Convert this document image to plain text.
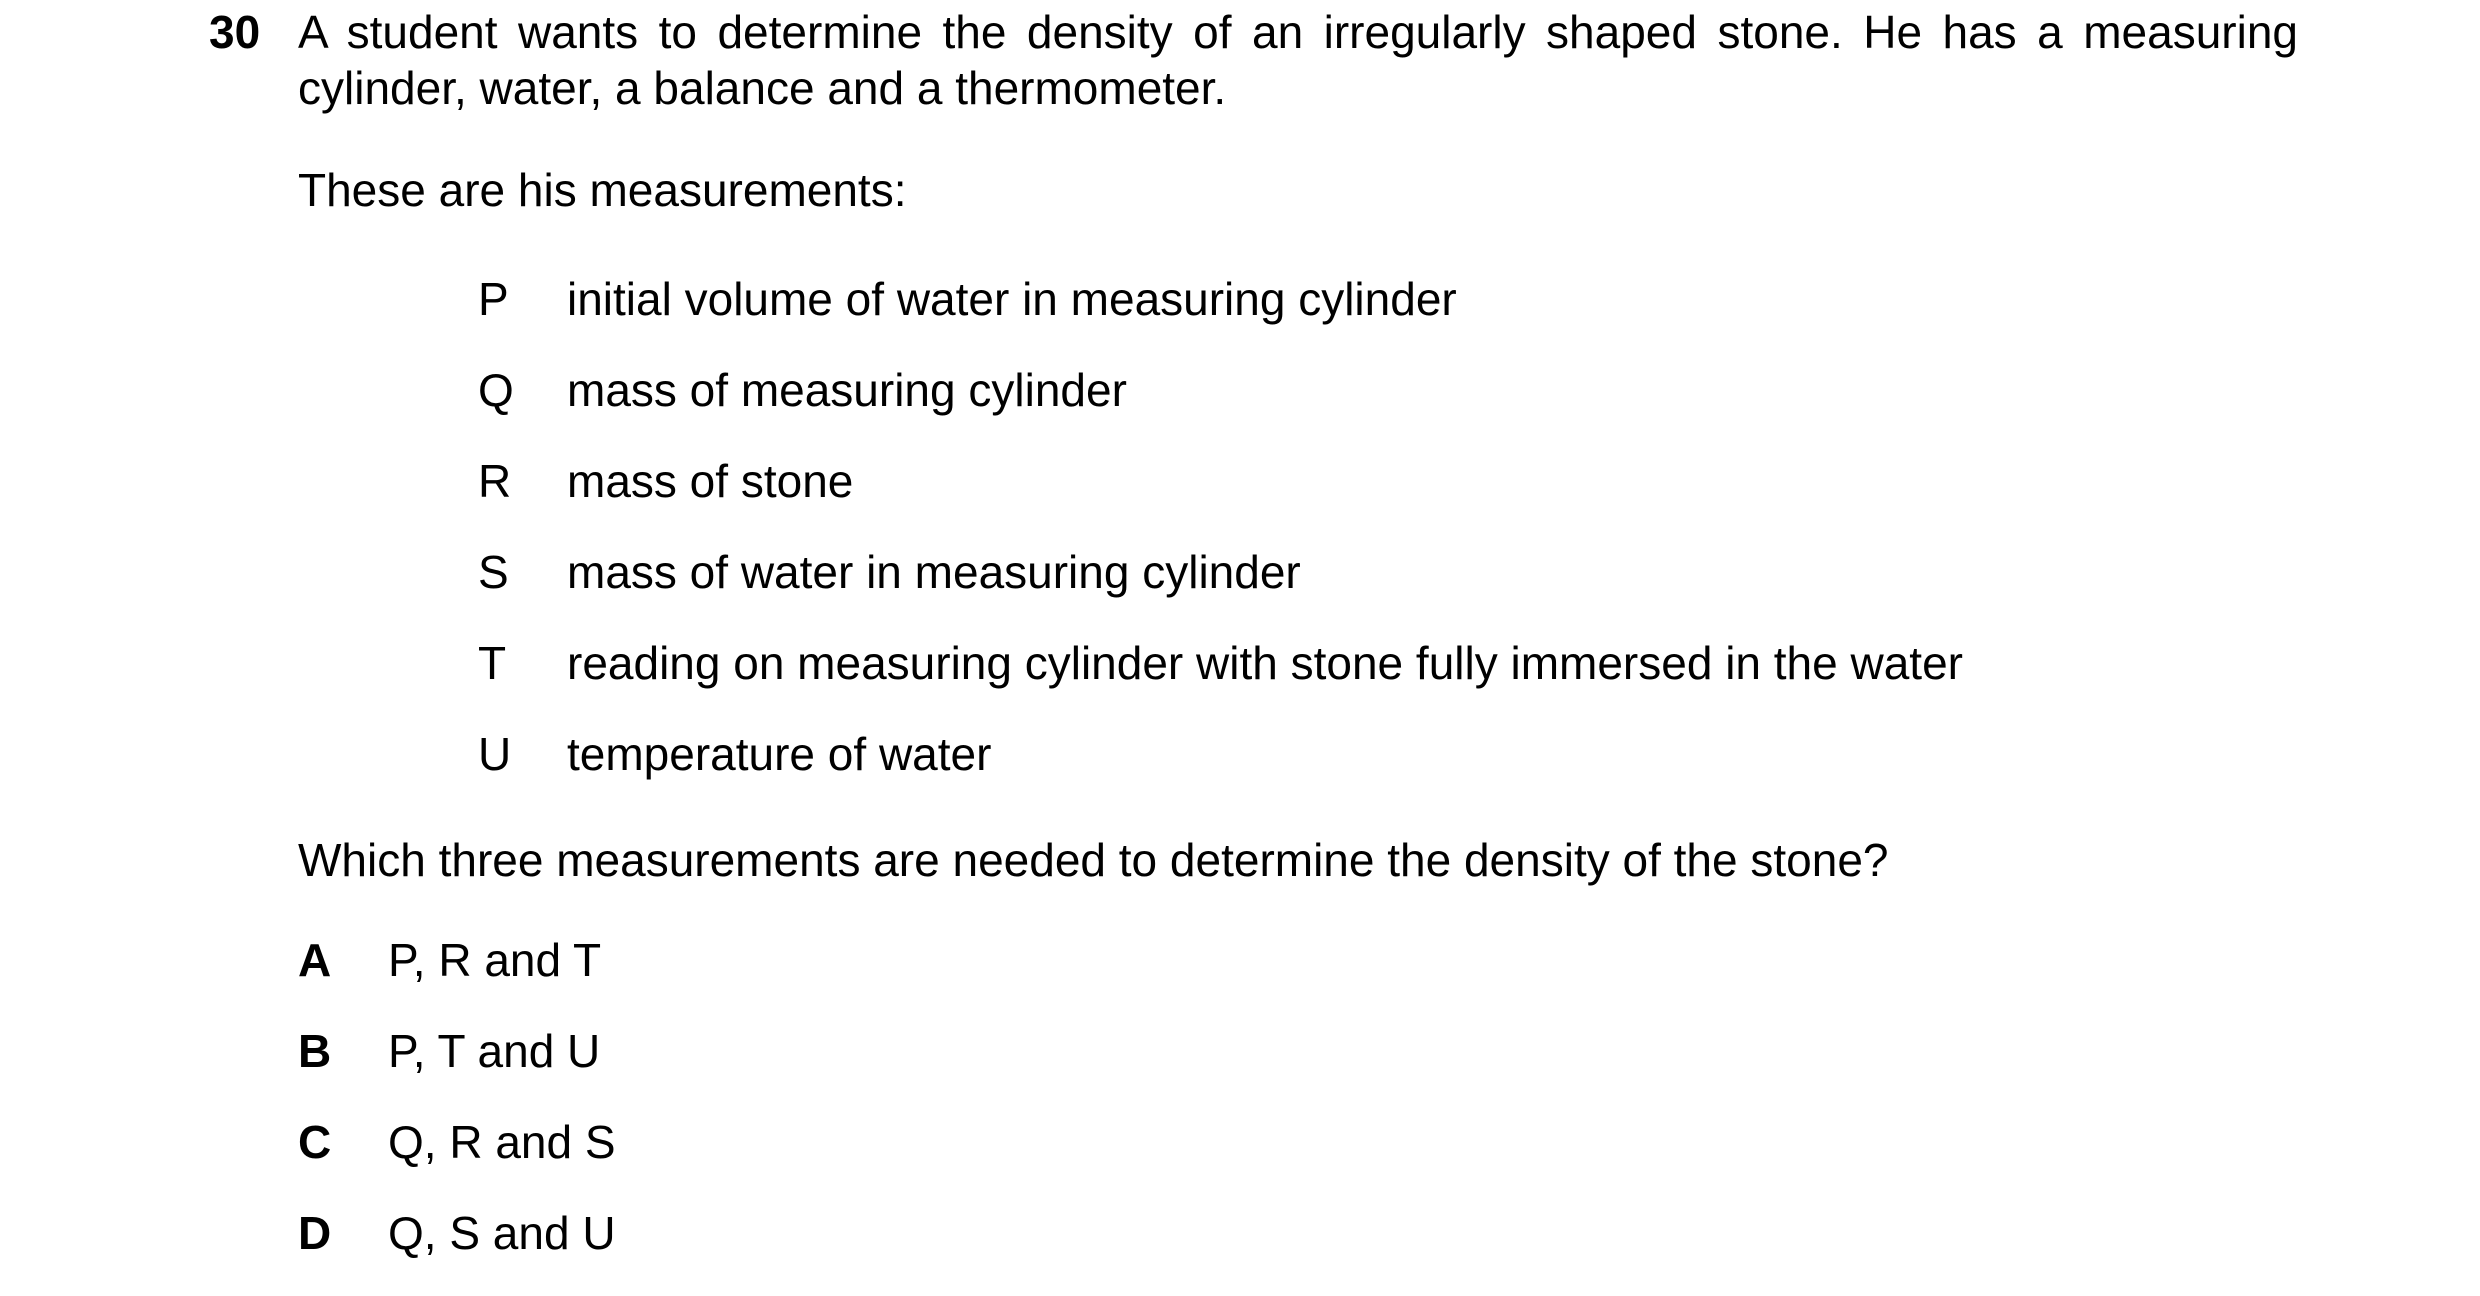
30 A student wants to determine the density of an irregularly shaped stone. He has a measuring cylinder, water, a balance and a thermometer.

These are his measurements:

P	initial volume of water in measuring cylinder
Q	mass of measuring cylinder
R	mass of stone
S	mass of water in measuring cylinder
T	reading on measuring cylinder with stone fully immersed in the water
U	temperature of water

Which three measurements are needed to determine the density of the stone?

A	P, R and T
B	P, T and U
C	Q, R and S
D	Q, S and U
